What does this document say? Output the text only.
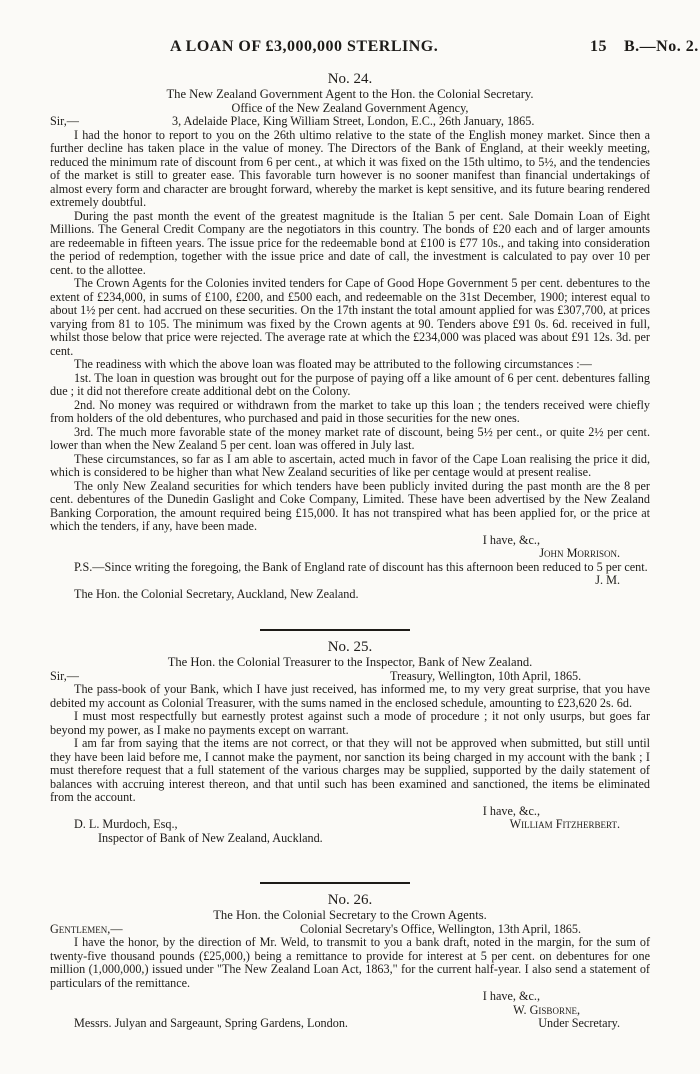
A LOAN OF £3,000,000 STERLING.	15 B.—No. 2.
No. 24.
The New Zealand Government Agent to the Hon. the Colonial Secretary.
Office of the New Zealand Government Agency,
Sir,—	3, Adelaide Place, King William Street, London, E.C., 26th January, 1865.

I had the honor to report to you on the 26th ultimo relative to the state of the English money market. Since then a further decline has taken place in the value of money. The Directors of the Bank of England, at their weekly meeting, reduced the minimum rate of discount from 6 per cent., at which it was fixed on the 15th ultimo, to 5½, and the tendencies of the market is still to greater ease. This favorable turn however is no sooner manifest than financial undertakings of almost every form and character are brought forward, whereby the market is kept sensitive, and its future bearing rendered extremely doubtful.

During the past month the event of the greatest magnitude is the Italian 5 per cent. Sale Domain Loan of Eight Millions. The General Credit Company are the negotiators in this country. The bonds of £20 each and of larger amounts are redeemable in fifteen years. The issue price for the redeemable bond at £100 is £77 10s., and taking into consideration the period of redemption, together with the issue price and date of call, the investment is calculated to pay over 10 per cent. to the allottee.

The Crown Agents for the Colonies invited tenders for Cape of Good Hope Government 5 per cent. debentures to the extent of £234,000, in sums of £100, £200, and £500 each, and redeemable on the 31st December, 1900; interest equal to about 1½ per cent. had accrued on these securities. On the 17th instant the total amount applied for was £307,700, at prices varying from 81 to 105. The minimum was fixed by the Crown agents at 90. Tenders above £91 0s. 6d. received in full, whilst those below that price were rejected. The average rate at which the £234,000 was placed was about £91 12s. 3d. per cent.

The readiness with which the above loan was floated may be attributed to the following circumstances :—

1st. The loan in question was brought out for the purpose of paying off a like amount of 6 per cent. debentures falling due ; it did not therefore create additional debt on the Colony.

2nd. No money was required or withdrawn from the market to take up this loan ; the tenders received were chiefly from holders of the old debentures, who purchased and paid in those securities for the new ones.

3rd. The much more favorable state of the money market rate of discount, being 5½ per cent., or quite 2½ per cent. lower than when the New Zealand 5 per cent. loan was offered in July last.

These circumstances, so far as I am able to ascertain, acted much in favor of the Cape Loan realising the price it did, which is considered to be higher than what New Zealand securities of like per centage would at present realise.

The only New Zealand securities for which tenders have been publicly invited during the past month are the 8 per cent. debentures of the Dunedin Gaslight and Coke Company, Limited. These have been advertised by the New Zealand Banking Corporation, the amount required being £15,000. It has not transpired what has been applied for, or the price at which the tenders, if any, have been made.

I have, &c.,
John Morrison.

P.S.—Since writing the foregoing, the Bank of England rate of discount has this afternoon been reduced to 5 per cent.

J. M.
The Hon. the Colonial Secretary, Auckland, New Zealand.
No. 25.
The Hon. the Colonial Treasurer to the Inspector, Bank of New Zealand.
Sir,—	Treasury, Wellington, 10th April, 1865.

The pass-book of your Bank, which I have just received, has informed me, to my very great surprise, that you have debited my account as Colonial Treasurer, with the sums named in the enclosed schedule, amounting to £23,620 2s. 6d.

I must most respectfully but earnestly protest against such a mode of procedure ; it not only usurps, but goes far beyond my power, as I make no payments except on warrant.

I am far from saying that the items are not correct, or that they will not be approved when submitted, but still until they have been laid before me, I cannot make the payment, nor sanction its being charged in my account with the bank ; I must therefore request that a full statement of the various charges may be supplied, supported by the daily statement of balances with accruing interest thereon, and that until such has been examined and sanctioned, the items be eliminated from the account.

I have, &c.,
D. L. Murdoch, Esq.,	William Fitzherbert.
Inspector of Bank of New Zealand, Auckland.
No. 26.
The Hon. the Colonial Secretary to the Crown Agents.
Gentlemen,—	Colonial Secretary's Office, Wellington, 13th April, 1865.

I have the honor, by the direction of Mr. Weld, to transmit to you a bank draft, noted in the margin, for the sum of twenty-five thousand pounds (£25,000,) being a remittance to provide for interest at 5 per cent. on debentures for one million (1,000,000,) issued under "The New Zealand Loan Act, 1863," for the current half-year. I also send a statement of particulars of the remittance.

I have, &c.,
W. Gisborne,
Messrs. Julyan and Sargeaunt, Spring Gardens, London.	Under Secretary.
